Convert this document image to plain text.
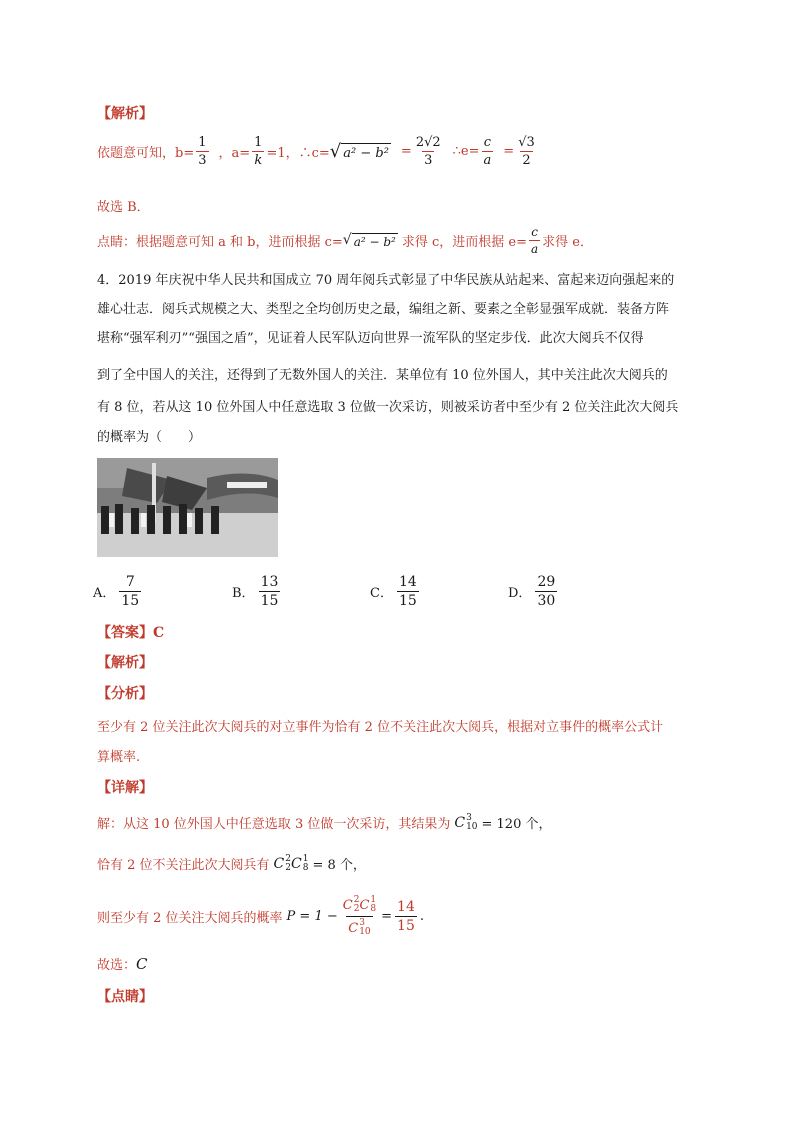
【解析】
依题意可知，$b= \frac{1}{3}$ ，$a= \frac{1}{k} =1$，∴c= √ $a^2 - b^2 = \frac{2√2}{3}$ ∴e= $\frac{c}{a} = \frac{√3}{2}$
故选 B．
点睛：根据题意可知 a 和 b，进而根据 c= √ a² − b² 求得 c，进而根据 $e= \frac{c}{a}$ 求得 e．
4．2019 年庆祝中华人民共和国成立 70 周年阅兵式彰显了中华民族从站起来、富起来迈向强起来的
雄心壮志．阅兵式规模之大、类型之全均创历史之最，编组之新、要素之全彰显强军成就．装备方阵
堪称“强军利刃”“强国之盾”，见证着人民军队迈向世界一流军队的坚定步伐．此次大阅兵不仅得
到了全中国人的关注，还得到了无数外国人的关注．某单位有 10 位外国人，其中关注此次大阅兵的
有 8 位，若从这 10 位外国人中任意选取 3 位做一次采访，则被采访者中至少有 2 位关注此次大阅兵
的概率为（　　）
A． $\frac{7}{15}$	B． $\frac{13}{15}$	C． $\frac{14}{15}$	D． $\frac{29}{30}$
【答案】C
【解析】
【分析】
至少有 2 位关注此次大阅兵的对立事件为恰有 2 位不关注此次大阅兵，根据对立事件的概率公式计
算概率.
【详解】
解：从这 10 位外国人中任意选取 3 位做一次采访，其结果为 C 3
10 = 120 个，
恰有 2 位不关注此次大阅兵有 C 2
2 C 1
8 = 8 个，
则至少有 2 位关注大阅兵的概率 P = 1 − C 2
2 C 1
8
C 3
$10 = \frac{14}{15}$ .
故选： C
【点睛】
